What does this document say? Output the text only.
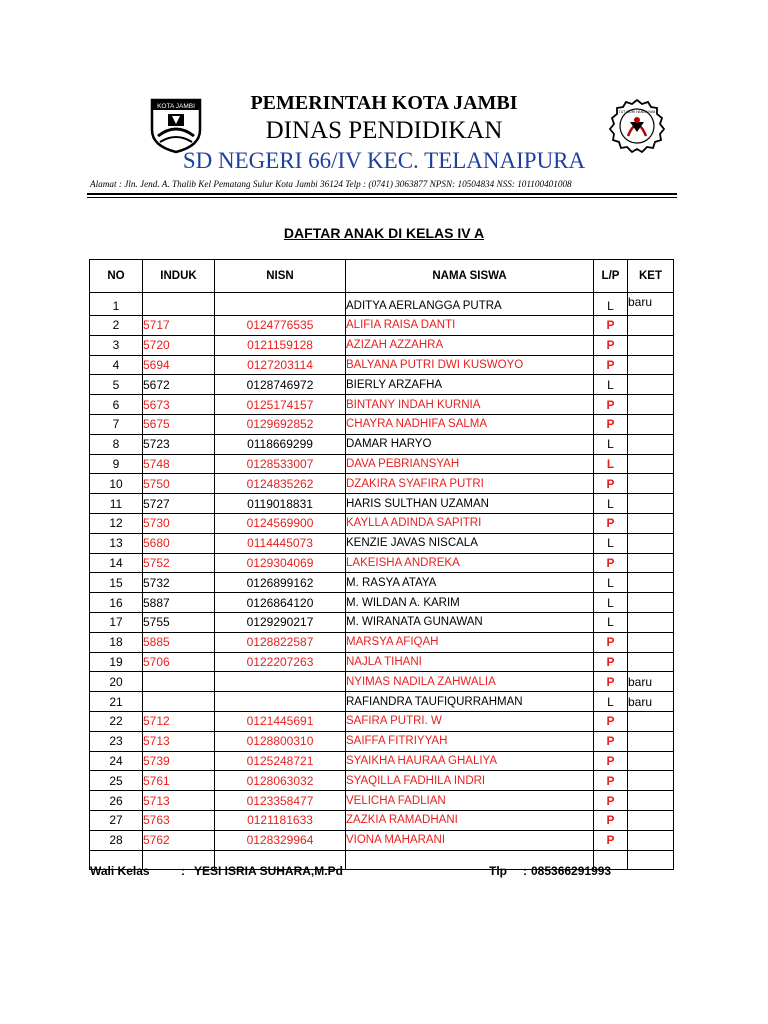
KOTA JAMBI
TUT WURI HANDAYANI
PEMERINTAH KOTA JAMBI
DINAS PENDIDIKAN
SD NEGERI 66/IV KEC. TELANAIPURA
Alamat : Jln. Jend. A. Thalib Kel Pematang Sulur Kota Jambi 36124 Telp : (0741) 3063877 NPSN: 10504834 NSS: 101100401008
DAFTAR ANAK DI KELAS IV A
NO	INDUK	NISN	NAMA SISWA	L/P	KET
1			ADITYA AERLANGGA PUTRA	L	baru
2	5717	0124776535	ALIFIA RAISA DANTI	P	
3	5720	0121159128	AZIZAH AZZAHRA	P	
4	5694	0127203114	BALYANA PUTRI DWI KUSWOYO	P	
5	5672	0128746972	BIERLY ARZAFHA	L	
6	5673	0125174157	BINTANY INDAH KURNIA	P	
7	5675	0129692852	CHAYRA NADHIFA SALMA	P	
8	5723	0118669299	DAMAR HARYO	L	
9	5748	0128533007	DAVA PEBRIANSYAH	L	
10	5750	0124835262	DZAKIRA SYAFIRA PUTRI	P	
11	5727	0119018831	HARIS SULTHAN UZAMAN	L	
12	5730	0124569900	KAYLLA ADINDA SAPITRI	P	
13	5680	0114445073	KENZIE JAVAS NISCALA	L	
14	5752	0129304069	LAKEISHA ANDREKA	P	
15	5732	0126899162	M. RASYA ATAYA	L	
16	5887	0126864120	M. WILDAN A. KARIM	L	
17	5755	0129290217	M. WIRANATA GUNAWAN	L	
18	5885	0128822587	MARSYA AFIQAH	P	
19	5706	0122207263	NAJLA TIHANI	P	
20			NYIMAS NADILA ZAHWALIA	P	baru
21			RAFIANDRA TAUFIQURRAHMAN	L	baru
22	5712	0121445691	SAFIRA PUTRI. W	P	
23	5713	0128800310	SAIFFA FITRIYYAH	P	
24	5739	0125248721	SYAIKHA HAURAA GHALIYA	P	
25	5761	0128063032	SYAQILLA FADHILA INDRI	P	
26	5713	0123358477	VELICHA FADLIAN	P	
27	5763	0121181633	ZAZKIA RAMADHANI	P	
28	5762	0128329964	VIONA MAHARANI	P	

Wali Kelas	: YESI ISRIA SUHARA,M.Pd	Tlp : 085366291993
